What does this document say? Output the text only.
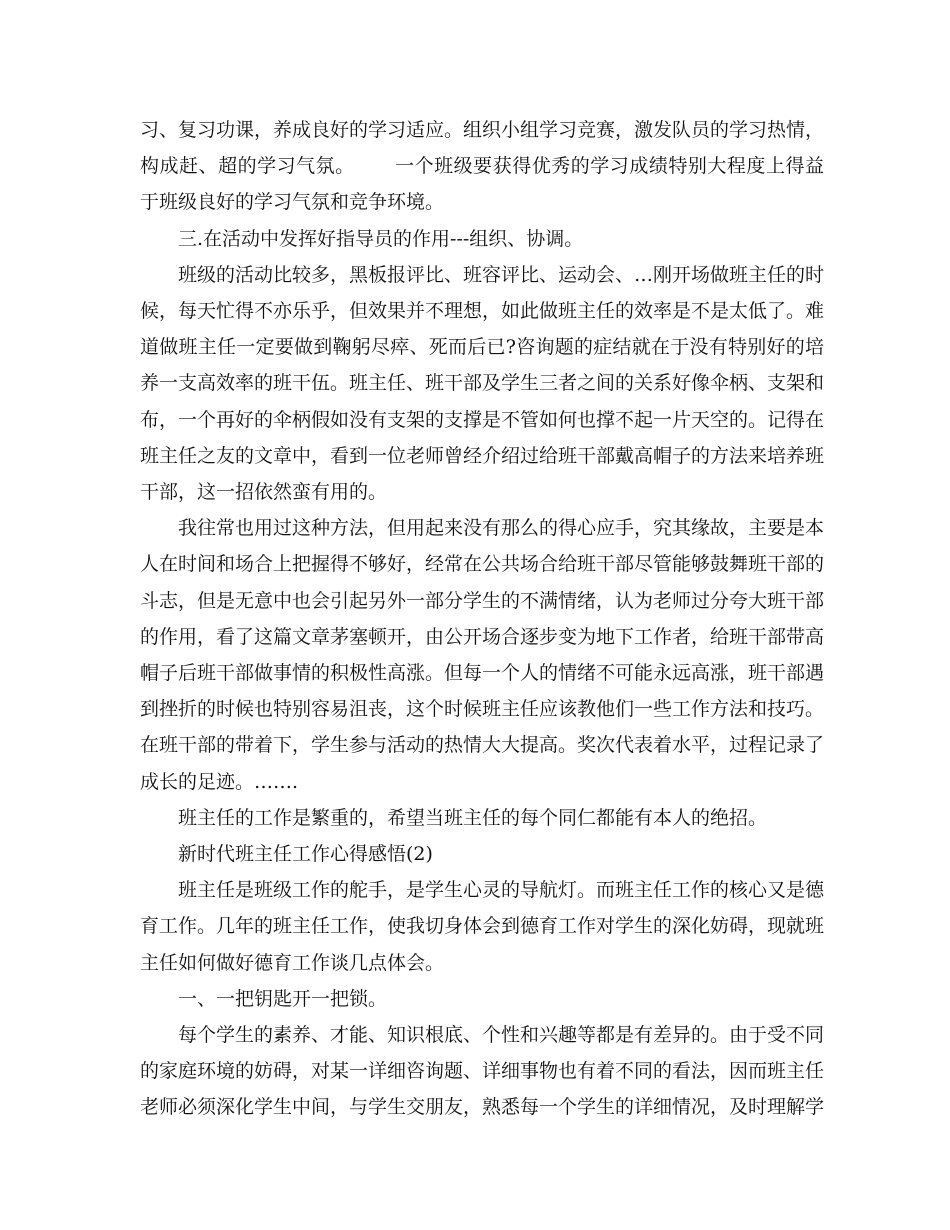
习、复习功课，养成良好的学习适应。组织小组学习竞赛，激发队员的学习热情，构成赶、超的学习气氛。 一个班级要获得优秀的学习成绩特别大程度上得益于班级良好的学习气氛和竞争环境。

三.在活动中发挥好指导员的作用---组织、协调。

班级的活动比较多，黑板报评比、班容评比、运动会、…刚开场做班主任的时候，每天忙得不亦乐乎，但效果并不理想，如此做班主任的效率是不是太低了。难道做班主任一定要做到鞠躬尽瘁、死而后已?咨询题的症结就在于没有特别好的培养一支高效率的班干伍。班主任、班干部及学生三者之间的关系好像伞柄、支架和布，一个再好的伞柄假如没有支架的支撑是不管如何也撑不起一片天空的。记得在班主任之友的文章中，看到一位老师曾经介绍过给班干部戴高帽子的方法来培养班干部，这一招依然蛮有用的。

我往常也用过这种方法，但用起来没有那么的得心应手，究其缘故，主要是本人在时间和场合上把握得不够好，经常在公共场合给班干部尽管能够鼓舞班干部的斗志，但是无意中也会引起另外一部分学生的不满情绪，认为老师过分夸大班干部的作用，看了这篇文章茅塞顿开，由公开场合逐步变为地下工作者，给班干部带高帽子后班干部做事情的积极性高涨。但每一个人的情绪不可能永远高涨，班干部遇到挫折的时候也特别容易沮丧，这个时候班主任应该教他们一些工作方法和技巧。在班干部的带着下，学生参与活动的热情大大提高。奖次代表着水平，过程记录了成长的足迹。…….

班主任的工作是繁重的，希望当班主任的每个同仁都能有本人的绝招。

新时代班主任工作心得感悟(2)

班主任是班级工作的舵手，是学生心灵的导航灯。而班主任工作的核心又是德育工作。几年的班主任工作，使我切身体会到德育工作对学生的深化妨碍，现就班主任如何做好德育工作谈几点体会。

一、一把钥匙开一把锁。

每个学生的素养、才能、知识根底、个性和兴趣等都是有差异的。由于受不同的家庭环境的妨碍，对某一详细咨询题、详细事物也有着不同的看法，因而班主任老师必须深化学生中间，与学生交朋友，熟悉每一个学生的详细情况，及时理解学
